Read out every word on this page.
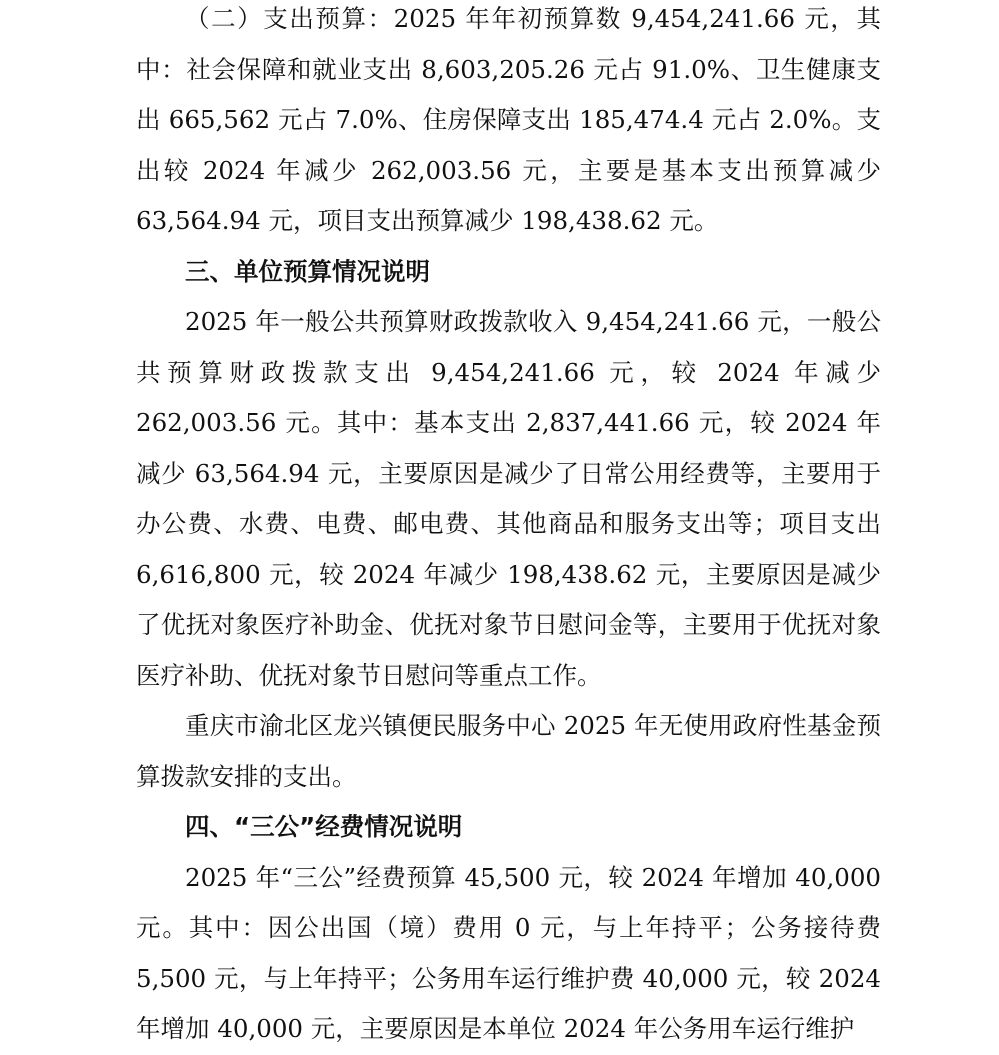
（二）支出预算：2025 年年初预算数 9,454,241.66 元，其中：社会保障和就业支出 8,603,205.26 元占 91.0%、卫生健康支出 665,562 元占 7.0%、住房保障支出 185,474.4 元占 2.0%。支出较 2024 年减少 262,003.56 元，主要是基本支出预算减少 63,564.94 元，项目支出预算减少 198,438.62 元。

三、单位预算情况说明

2025 年一般公共预算财政拨款收入 9,454,241.66 元，一般公共预算财政拨款支出 9,454,241.66 元，较 2024 年减少 262,003.56 元。其中：基本支出 2,837,441.66 元，较 2024 年减少 63,564.94 元，主要原因是减少了日常公用经费等，主要用于办公费、水费、电费、邮电费、其他商品和服务支出等；项目支出 6,616,800 元，较 2024 年减少 198,438.62 元，主要原因是减少了优抚对象医疗补助金、优抚对象节日慰问金等，主要用于优抚对象医疗补助、优抚对象节日慰问等重点工作。

重庆市渝北区龙兴镇便民服务中心 2025 年无使用政府性基金预算拨款安排的支出。

四、“三公”经费情况说明

2025 年“三公”经费预算 45,500 元，较 2024 年增加 40,000 元。其中：因公出国（境）费用 0 元，与上年持平；公务接待费 5,500 元，与上年持平；公务用车运行维护费 40,000 元，较 2024 年增加 40,000 元，主要原因是本单位 2024 年公务用车运行维护
